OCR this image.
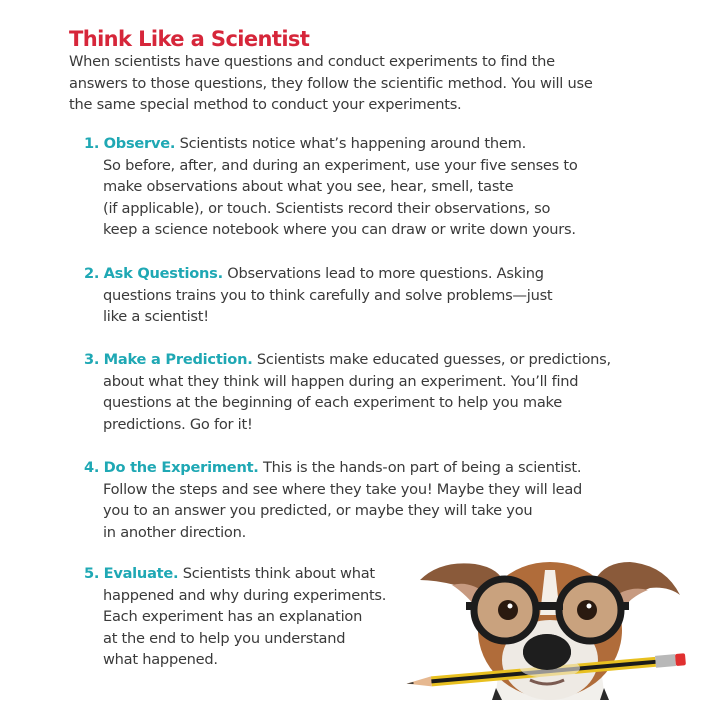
Think Like a Scientist

When scientists have questions and conduct experiments to find the
answers to those questions, they follow the scientific method. You will use
the same special method to conduct your experiments.

1. Observe. Scientists notice what’s happening around them.
So before, after, and during an experiment, use your five senses to
make observations about what you see, hear, smell, taste
(if applicable), or touch. Scientists record their observations, so
keep a science notebook where you can draw or write down yours.
2. Ask Questions. Observations lead to more questions. Asking
questions trains you to think carefully and solve problems—just
like a scientist!
3. Make a Prediction. Scientists make educated guesses, or predictions,
about what they think will happen during an experiment. You’ll find
questions at the beginning of each experiment to help you make
predictions. Go for it!
4. Do the Experiment. This is the hands-on part of being a scientist.
Follow the steps and see where they take you! Maybe they will lead
you to an answer you predicted, or maybe they will take you
in another direction.
5. Evaluate. Scientists think about what
happened and why during experiments.
Each experiment has an explanation
at the end to help you understand
what happened.
